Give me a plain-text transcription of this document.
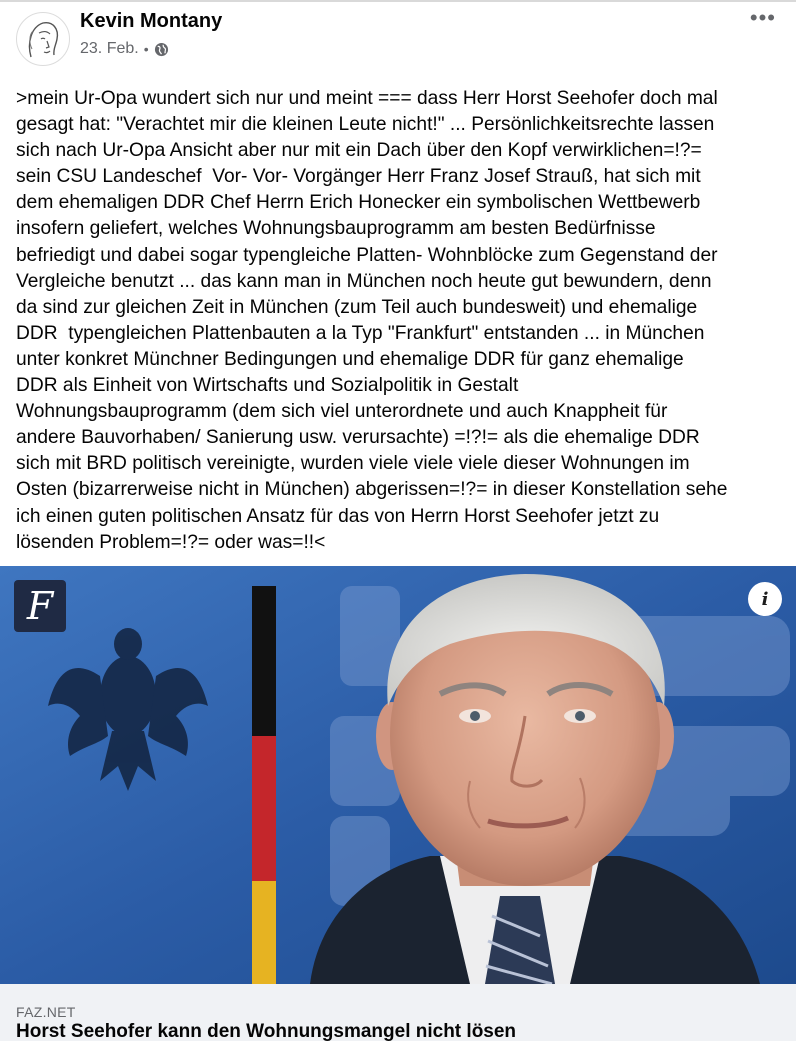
Kevin Montany
23. Feb. •
•••

>mein Ur-Opa wundert sich nur und meint === dass Herr Horst Seehofer doch mal
gesagt hat: "Verachtet mir die kleinen Leute nicht!" ... Persönlichkeitsrechte lassen
sich nach Ur-Opa Ansicht aber nur mit ein Dach über den Kopf verwirklichen=!?=
sein CSU Landeschef  Vor- Vor- Vorgänger Herr Franz Josef Strauß, hat sich mit
dem ehemaligen DDR Chef Herrn Erich Honecker ein symbolischen Wettbewerb
insofern geliefert, welches Wohnungsbauprogramm am besten Bedürfnisse
befriedigt und dabei sogar typengleiche Platten- Wohnblöcke zum Gegenstand der
Vergleiche benutzt ... das kann man in München noch heute gut bewundern, denn
da sind zur gleichen Zeit in München (zum Teil auch bundesweit) und ehemalige
DDR  typengleichen Plattenbauten a la Typ "Frankfurt" entstanden ... in München
unter konkret Münchner Bedingungen und ehemalige DDR für ganz ehemalige
DDR als Einheit von Wirtschafts und Sozialpolitik in Gestalt
Wohnungsbauprogramm (dem sich viel unterordnete und auch Knappheit für
andere Bauvorhaben/ Sanierung usw. verursachte) =!?!= als die ehemalige DDR
sich mit BRD politisch vereinigte, wurden viele viele viele dieser Wohnungen im
Osten (bizarrerweise nicht in München) abgerissen=!?= in dieser Konstellation sehe
ich einen guten politischen Ansatz für das von Herrn Horst Seehofer jetzt zu
lösenden Problem=!?= oder was=!!<

F	i
FAZ.NET
Horst Seehofer kann den Wohnungsmangel nicht lösen
